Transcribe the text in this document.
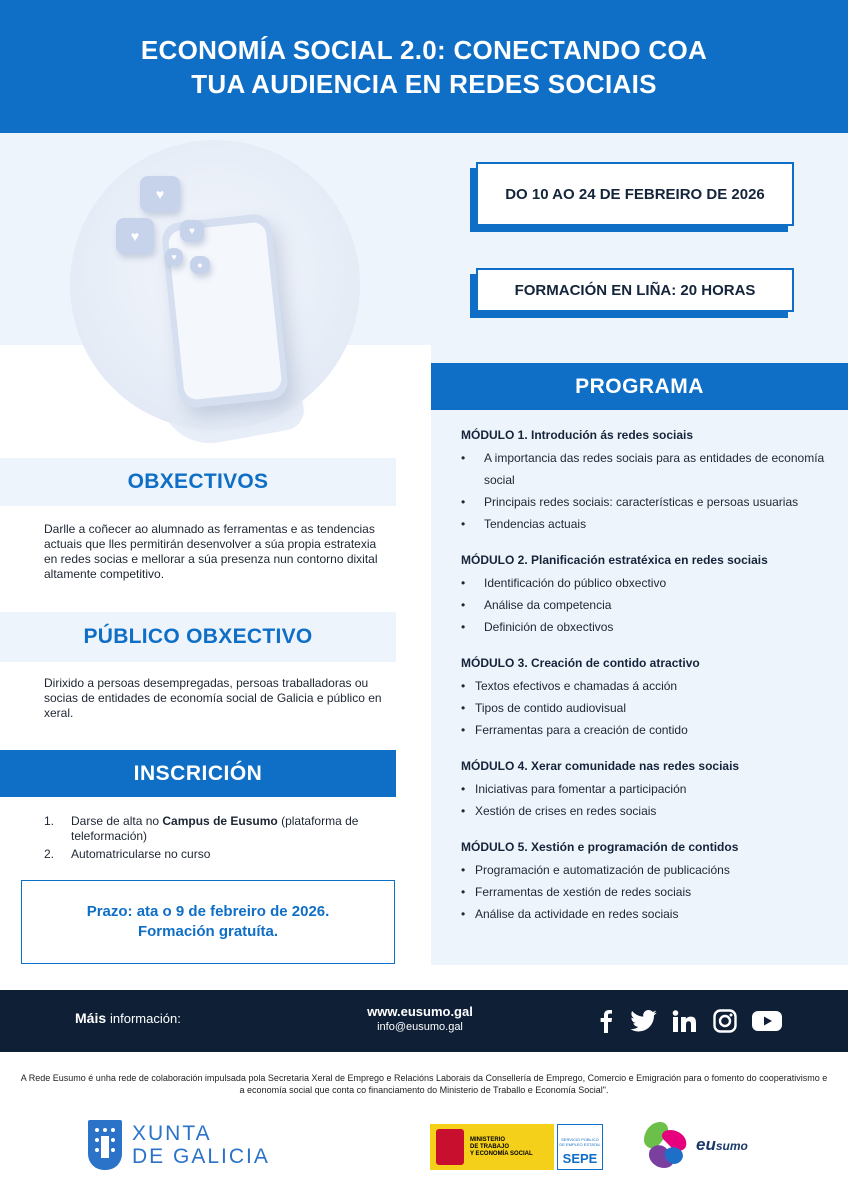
ECONOMÍA SOCIAL 2.0: CONECTANDO COA TUA AUDIENCIA EN REDES SOCIAIS
♥
♥	♥
♥
●
DO 10 AO 24 DE FEBREIRO DE 2026
FORMACIÓN EN LIÑA: 20 HORAS
OBXECTIVOS

Darlle a coñecer ao alumnado as ferramentas e as tendencias actuais que lles permitirán desenvolver a súa propia estratexia en redes socias e mellorar a súa presenza nun contorno dixital altamente competitivo.

PÚBLICO OBXECTIVO

Dirixido a persoas desempregadas, persoas traballadoras ou socias de entidades de economía social de Galicia e público en xeral.

INSCRICIÓN
1.	Darse de alta no Campus de Eusumo (plataforma de teleformación)
2.	Automatricularse no curso
Prazo: ata o 9 de febreiro de 2026.
Formación gratuíta.
PROGRAMA
MÓDULO 1. Introdución ás redes sociais
•	A importancia das redes sociais para as entidades de economía social
•	Principais redes sociais: características e persoas usuarias
•	Tendencias actuais
MÓDULO 2. Planificación estratéxica en redes sociais
•	Identificación do público obxectivo
•	Análise da competencia
•	Definición de obxectivos
MÓDULO 3. Creación de contido atractivo
• Textos efectivos e chamadas á acción
• Tipos de contido audiovisual
• Ferramentas para a creación de contido
MÓDULO 4. Xerar comunidade nas redes sociais
• Iniciativas para fomentar a participación
• Xestión de crises en redes sociais
MÓDULO 5. Xestión e programación de contidos
• Programación e automatización de publicacións
• Ferramentas de xestión de redes sociais
• Análise da actividade en redes sociais
Máis información:	www.eusumo.gal
info@eusumo.gal

A Rede Eusumo é unha rede de colaboración impulsada pola Secretaria Xeral de Emprego e Relacións Laborais da Consellería de Emprego, Comercio e Emigración para o fomento do cooperativismo e a economía social que conta co financiamento do Ministerio de Traballo e Economía Social".

XUNTA
DE GALICIA
MINISTERIO
DE TRABAJO
Y ECONOMÍA SOCIAL
SERVICIO PÚBLICO DE EMPLEO ESTATAL
SEPE
eusumo
